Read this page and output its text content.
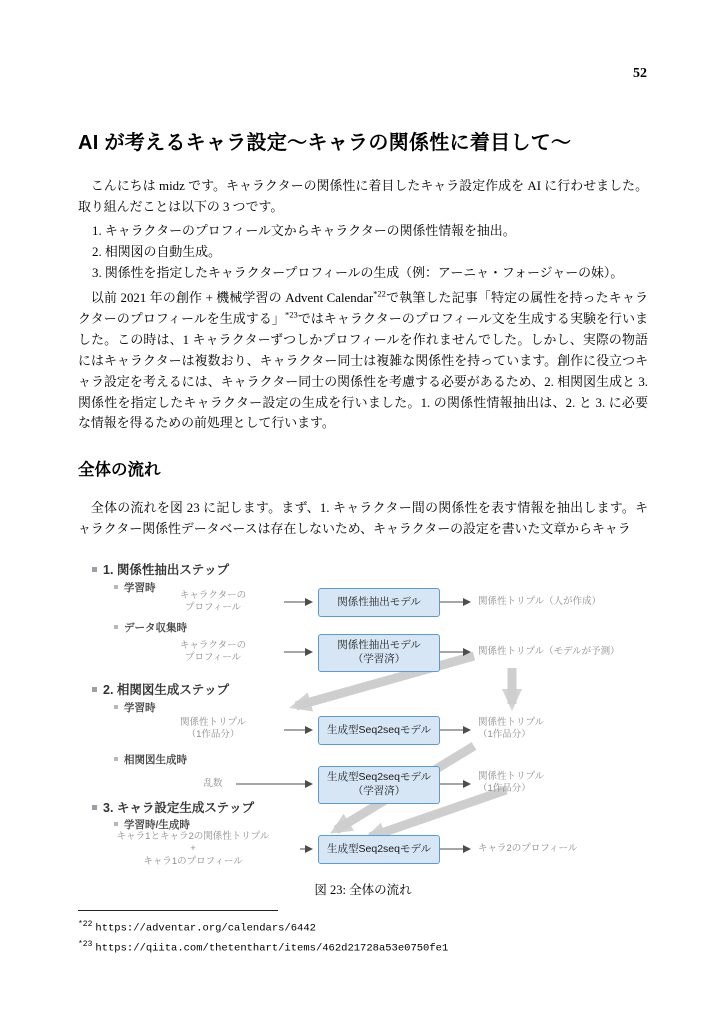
52
AI が考えるキャラ設定〜キャラの関係性に着目して〜

こんにちは midz です。キャラクターの関係性に着目したキャラ設定作成を AI に行わせました。取り組んだことは以下の 3 つです。

1. キャラクターのプロフィール文からキャラクターの関係性情報を抽出。
2. 相関図の自動生成。
3. 関係性を指定したキャラクタープロフィールの生成（例：アーニャ・フォージャーの妹）。

以前 2021 年の創作 + 機械学習の Advent Calendar$^{*22}$で執筆した記事「特定の属性を持ったキャラクターのプロフィールを生成する」$^{*23}$ではキャラクターのプロフィール文を生成する実験を行いました。この時は、1 キャラクターずつしかプロフィールを作れませんでした。しかし、実際の物語にはキャラクターは複数おり、キャラクター同士は複雑な関係性を持っています。創作に役立つキャラ設定を考えるには、キャラクター同士の関係性を考慮する必要があるため、2. 相関図生成と 3. 関係性を指定したキャラクター設定の生成を行いました。1. の関係性情報抽出は、2. と 3. に必要な情報を得るための前処理として行います。

全体の流れ

全体の流れを図 23 に記します。まず、1. キャラクター間の関係性を表す情報を抽出します。キャラクター関係性データベースは存在しないため、キャラクターの設定を書いた文章からキャラ

1. 関係性抽出ステップ
学習時
キャラクターの
プロフィール
関係性抽出モデル	関係性トリプル（人が作成）
データ収集時
キャラクターの
プロフィール
関係性抽出モデル
（学習済）
関係性トリプル（モデルが予測）
2. 相関図生成ステップ
学習時
関係性トリプル
（1作品分）	生成型Seq2seqモデル
関係性トリプル
（1作品分）
相関図生成時
乱数
生成型Seq2seqモデル
（学習済）
関係性トリプル
（1作品分）
3. キャラ設定生成ステップ
学習時/生成時
キャラ1とキャラ2の関係性トリプル
+
キャラ1のプロフィール
生成型Seq2seqモデル	キャラ2のプロフィール

図 23: 全体の流れ

$^{*22}$ https://adventar.org/calendars/6442
$^{*23}$ https://qiita.com/thetenthart/items/462d21728a53e0750fe1
